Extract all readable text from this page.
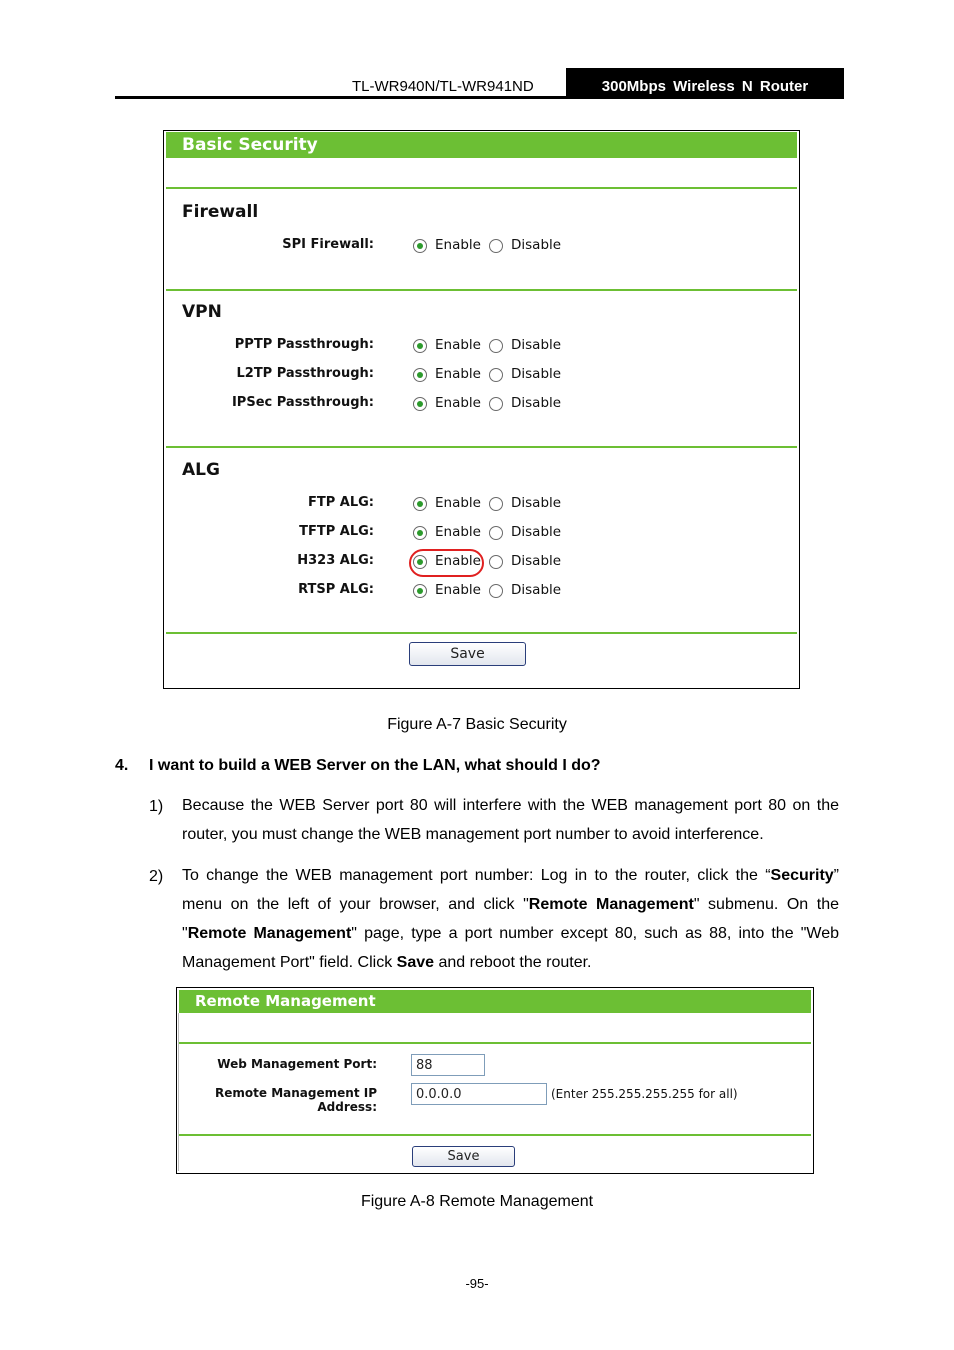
TL-WR940N/TL-WR941ND	300Mbps Wireless N Router
Basic Security
Firewall
SPI Firewall:	Enable Disable
VPN
PPTP Passthrough:	Enable Disable
L2TP Passthrough:	Enable Disable
IPSec Passthrough:	Enable Disable
ALG
FTP ALG:	Enable Disable
TFTP ALG:	Enable Disable
H323 ALG:	Enable Disable
RTSP ALG:	Enable Disable
Save
Figure A-7 Basic Security
4. I want to build a WEB Server on the LAN, what should I do?
1) Because the WEB Server port 80 will interfere with the WEB management port 80 on the router, you must change the WEB management port number to avoid interference.
2) To change the WEB management port number: Log in to the router, click the “Security” menu on the left of your browser, and click "Remote Management" submenu. On the "Remote Management" page, type a port number except 80, such as 88, into the "Web Management Port" field. Click Save and reboot the router.
Remote Management
Web Management Port:	88
Remote Management IP Address:
0.0.0.0	(Enter 255.255.255.255 for all)
Save
Figure A-8 Remote Management
-95-
